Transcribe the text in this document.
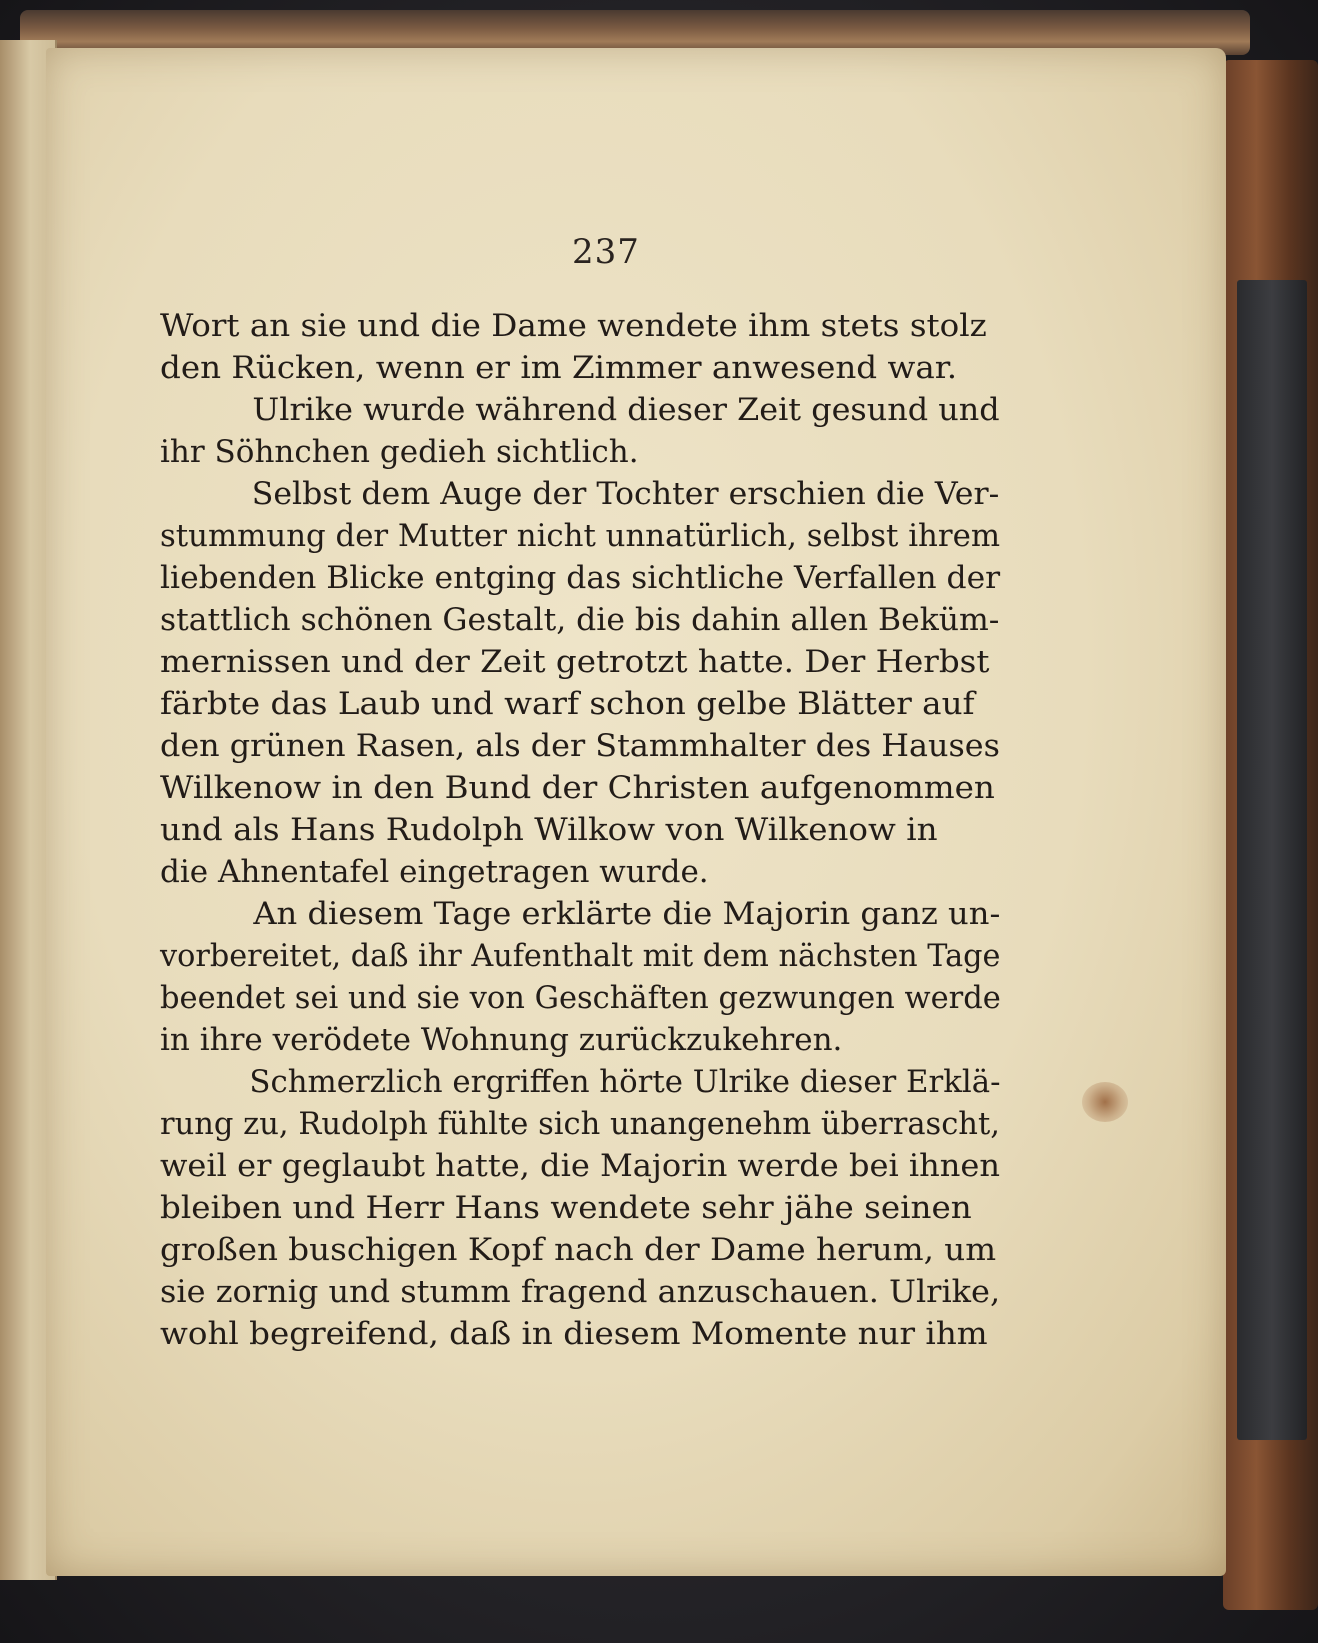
237
Wort an sie und die Dame wendete ihm stets stolz
den Rücken, wenn er im Zimmer anwesend war.
Ulrike wurde während dieser Zeit gesund und
ihr Söhnchen gedieh sichtlich.
Selbst dem Auge der Tochter erschien die Ver-
stummung der Mutter nicht unnatürlich, selbst ihrem
liebenden Blicke entging das sichtliche Verfallen der
stattlich schönen Gestalt, die bis dahin allen Beküm-
mernissen und der Zeit getrotzt hatte. Der Herbst
färbte das Laub und warf schon gelbe Blätter auf
den grünen Rasen, als der Stammhalter des Hauses
Wilkenow in den Bund der Christen aufgenommen
und als Hans Rudolph Wilkow von Wilkenow in
die Ahnentafel eingetragen wurde.
An diesem Tage erklärte die Majorin ganz un-
vorbereitet, daß ihr Aufenthalt mit dem nächsten Tage
beendet sei und sie von Geschäften gezwungen werde
in ihre verödete Wohnung zurückzukehren.
Schmerzlich ergriffen hörte Ulrike dieser Erklä-
rung zu, Rudolph fühlte sich unangenehm überrascht,
weil er geglaubt hatte, die Majorin werde bei ihnen
bleiben und Herr Hans wendete sehr jähe seinen
großen buschigen Kopf nach der Dame herum, um
sie zornig und stumm fragend anzuschauen. Ulrike,
wohl begreifend, daß in diesem Momente nur ihm
